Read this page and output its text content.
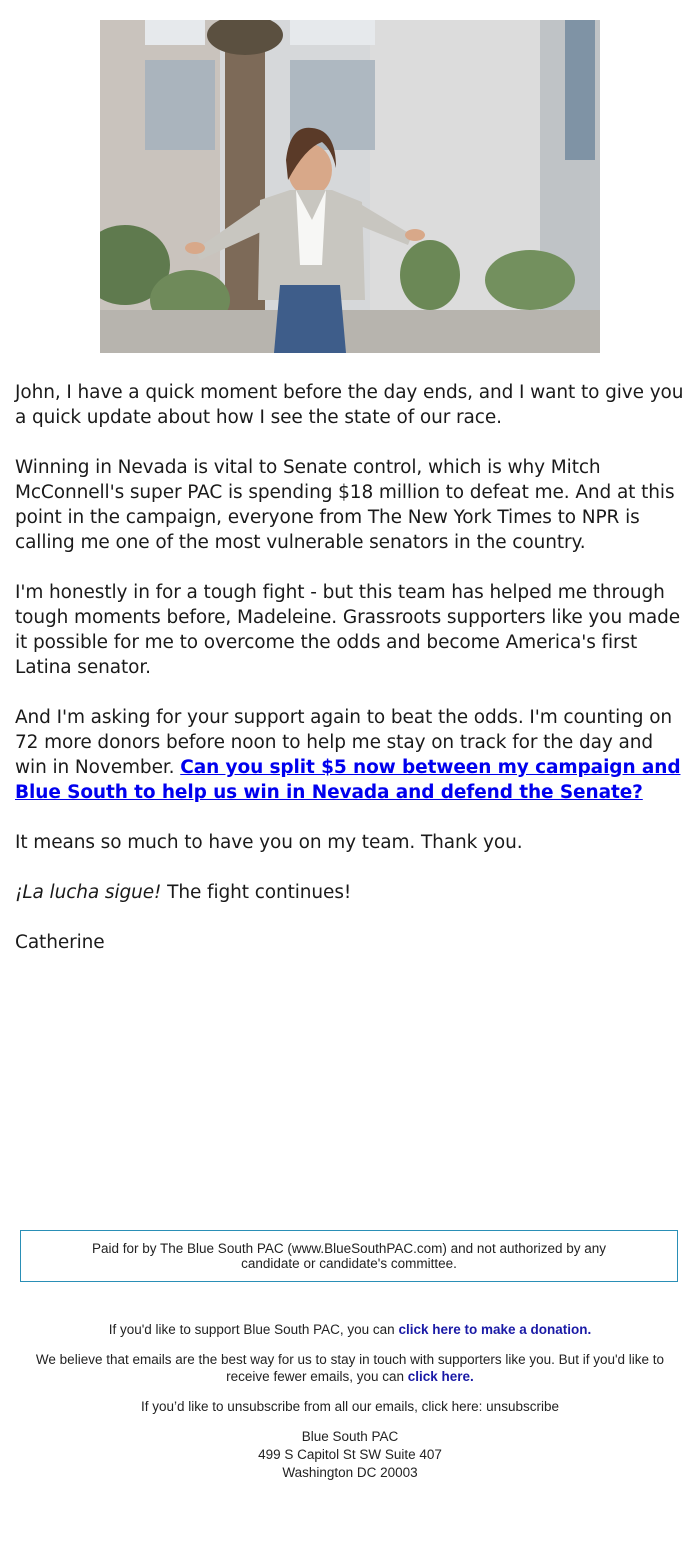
John, I have a quick moment before the day ends, and I want to give you a quick update about how I see the state of our race.

Winning in Nevada is vital to Senate control, which is why Mitch McConnell's super PAC is spending $18 million to defeat me. And at this point in the campaign, everyone from The New York Times to NPR is calling me one of the most vulnerable senators in the country.

I'm honestly in for a tough fight - but this team has helped me through tough moments before, Madeleine. Grassroots supporters like you made it possible for me to overcome the odds and become America's first Latina senator.

And I'm asking for your support again to beat the odds. I'm counting on 72 more donors before noon to help me stay on track for the day and win in November. Can you split $5 now between my campaign and Blue South to help us win in Nevada and defend the Senate?

It means so much to have you on my team. Thank you.

¡La lucha sigue! The fight continues!

Catherine

Paid for by The Blue South PAC (www.BlueSouthPAC.com) and not authorized by any candidate or candidate's committee.

If you'd like to support Blue South PAC, you can click here to make a donation.

We believe that emails are the best way for us to stay in touch with supporters like you. But if you'd like to receive fewer emails, you can click here.

If you’d like to unsubscribe from all our emails, click here: unsubscribe

Blue South PAC

499 S Capitol St SW Suite 407

Washington DC 20003
